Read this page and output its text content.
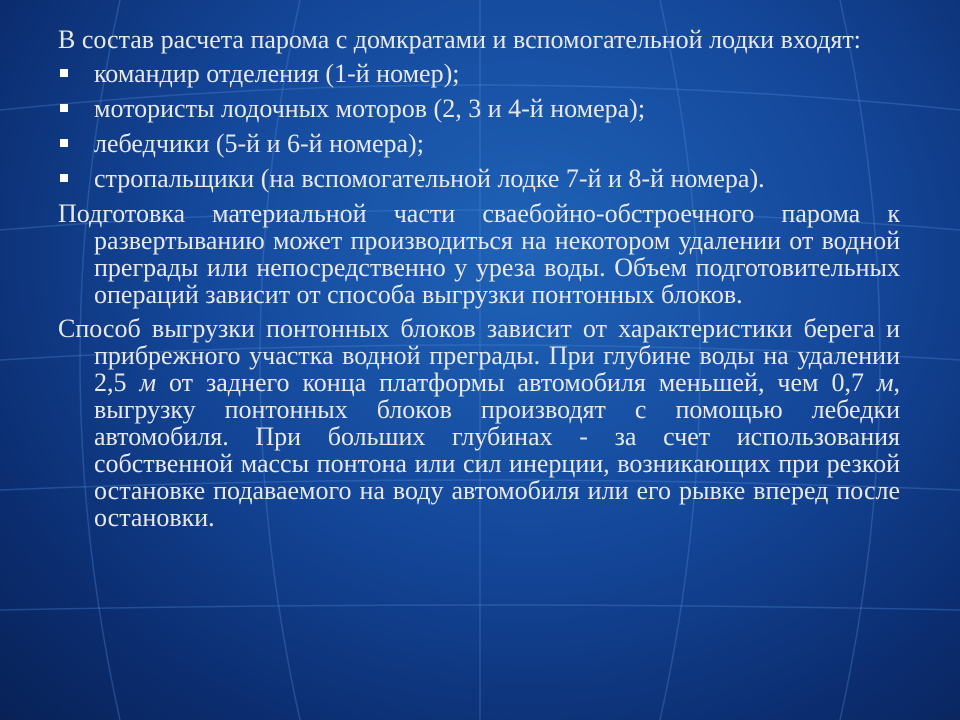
В состав расчета парома с домкратами и вспомогательной лодки входят:

командир отделения (1-й номер);
мотористы лодочных моторов (2, 3 и 4-й номера);
лебедчики (5-й и 6-й номера);
стропальщики (на вспомогательной лодке 7-й и 8-й номера).

Подготовка материальной части сваебойно-обстроечного парома к развертыванию может производиться на некотором удалении от водной преграды или непосредственно у уреза воды. Объем подготовительных операций зависит от способа выгрузки понтонных блоков.

Способ выгрузки понтонных блоков зависит от характеристики берега и прибрежного участка водной преграды. При глубине воды на удалении 2,5 м от заднего конца платформы автомобиля меньшей, чем 0,7 м, выгрузку понтонных блоков производят с помощью лебедки автомобиля. При больших глубинах - за счет использования собственной массы понтона или сил инерции, возникающих при резкой остановке подаваемого на воду автомобиля или его рывке вперед после остановки.
